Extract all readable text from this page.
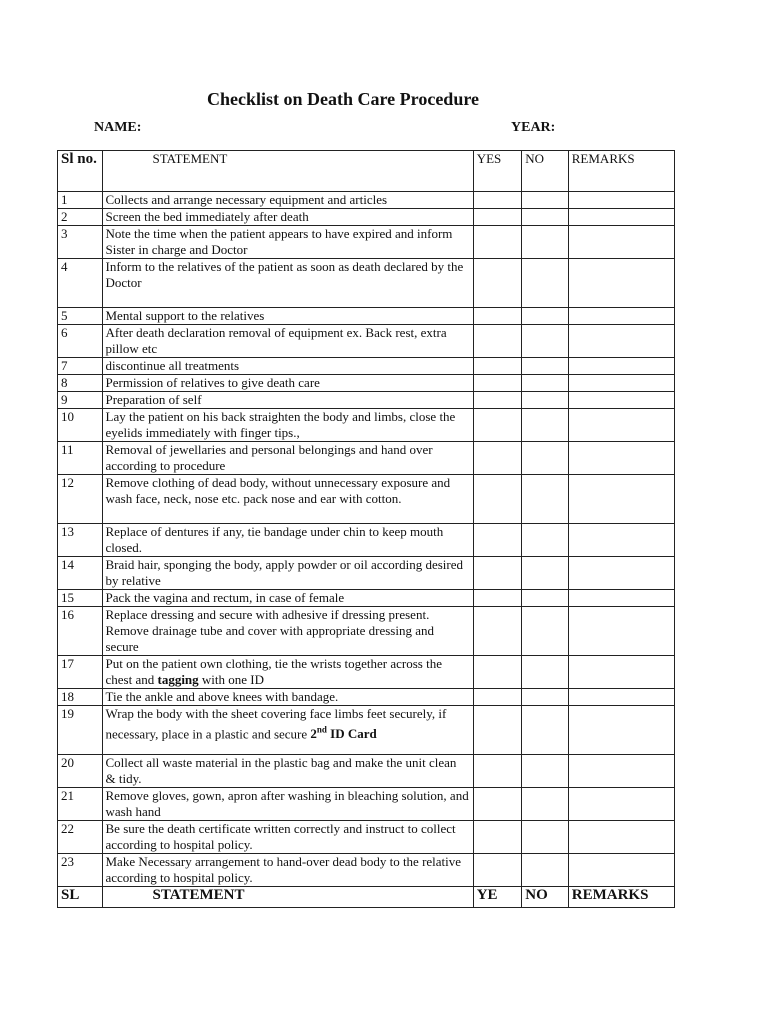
Checklist on Death Care Procedure
NAME:	YEAR:
Sl no.	STATEMENT	YES	NO	REMARKS
1	Collects and arrange necessary equipment and articles			
2	Screen the bed immediately after death			
3	Note the time when the patient appears to have expired and inform Sister in charge and Doctor			
4	Inform to the relatives of the patient as soon as death declared by the Doctor			
5	Mental support to the relatives			
6	After death declaration removal of equipment ex. Back rest, extra pillow etc			
7	discontinue all treatments			
8	Permission of relatives to give death care			
9	Preparation of self			
10	Lay the patient on his back straighten the body and limbs, close the eyelids immediately with finger tips.,			
11	Removal of jewellaries and personal belongings and hand over according to procedure			
12	Remove clothing of dead body, without unnecessary exposure and wash face, neck, nose etc. pack nose and ear with cotton.			
13	Replace of dentures if any, tie bandage under chin to keep mouth closed.			
14	Braid hair, sponging the body, apply powder or oil according desired by relative			
15	Pack the vagina and rectum, in case of female			
16	Replace dressing and secure with adhesive if dressing present. Remove drainage tube and cover with appropriate dressing and secure			
17	Put on the patient own clothing, tie the wrists together across the chest and tagging with one ID			
18	Tie the ankle and above knees with bandage.			
19	Wrap the body with the sheet covering face limbs feet securely, if necessary, place in a plastic and secure 2nd ID Card			
20	Collect all waste material in the plastic bag and make the unit clean & tidy.			
21	Remove gloves, gown, apron after washing in bleaching solution, and wash hand			
22	Be sure the death certificate written correctly and instruct to collect according to hospital policy.			
23	Make Necessary arrangement to hand-over dead body to the relative according to hospital policy.			
SL	STATEMENT	YE	NO	REMARKS
